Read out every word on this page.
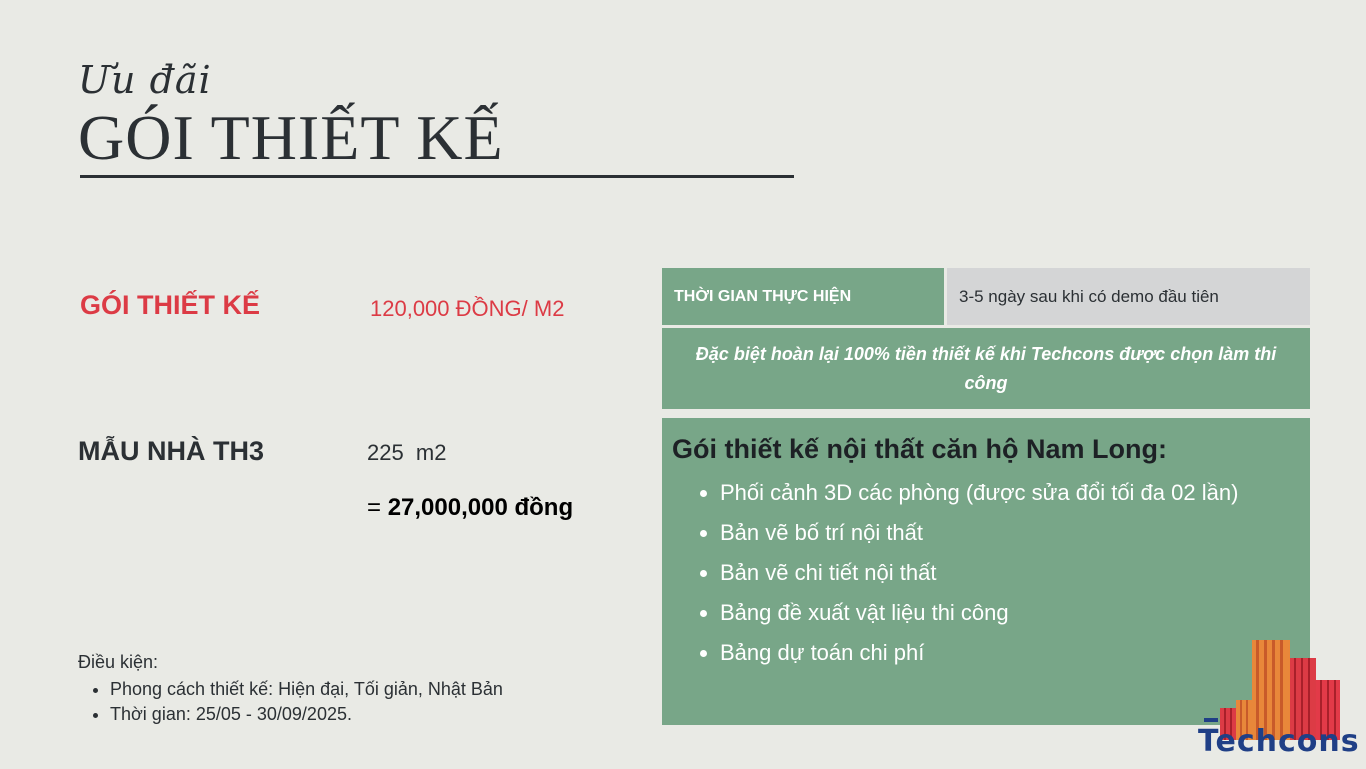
Ưu đãi
GÓI THIẾT KẾ
GÓI THIẾT KẾ	120,000 ĐỒNG/ M2
MẪU NHÀ TH3	225  m2
= 27,000,000 đồng
Điều kiện:
• Phong cách thiết kế: Hiện đại, Tối giản, Nhật Bản
• Thời gian: 25/05 - 30/09/2025.
THỜI GIAN THỰC HIỆN	3-5 ngày sau khi có demo đầu tiên
Đặc biệt hoàn lại 100% tiền thiết kế khi Techcons được chọn làm thi công
Gói thiết kế nội thất căn hộ Nam Long:
• Phối cảnh 3D các phòng (được sửa đổi tối đa 02 lần)
• Bản vẽ bố trí nội thất
• Bản vẽ chi tiết nội thất
• Bảng đề xuất vật liệu thi công
• Bảng dự toán chi phí
Techcons
